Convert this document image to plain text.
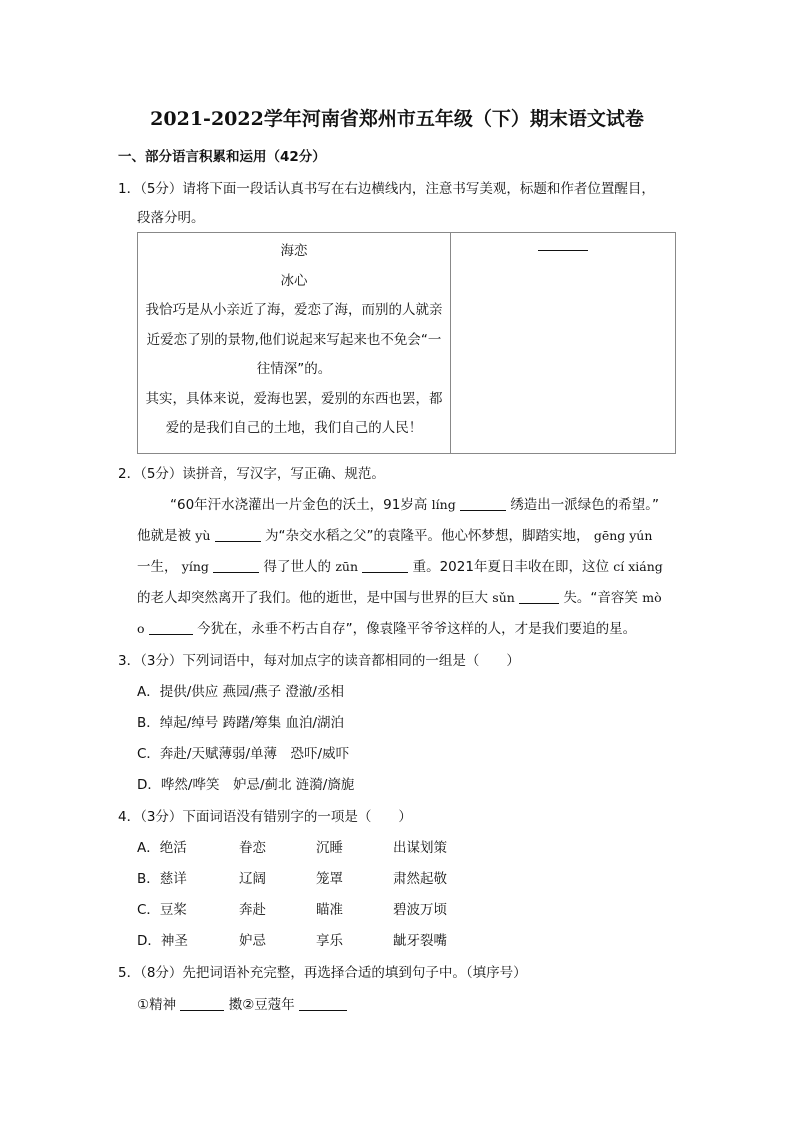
2021-2022学年河南省郑州市五年级（下）期末语文试卷
一、部分语言积累和运用（42分）
1．（5分）请将下面一段话认真书写在右边横线内，注意书写美观，标题和作者位置醒目，
段落分明。
海恋
冰心
我恰巧是从小亲近了海，爱恋了海，而别的人就亲
近爱恋了别的景物,他们说起来写起来也不免会“一
往情深”的。
其实，具体来说，爱海也罢，爱别的东西也罢，都
爱的是我们自己的土地，我们自己的人民！

2．（5分）读拼音，写汉字，写正确、规范。
“60年汗水浇灌出一片金色的沃土，91岁高 líng	绣造出一派绿色的希望。”
他就是被 yù	为“杂交水稻之父”的袁隆平。他心怀梦想，脚踏实地， gēng yún
一生， yíng	得了世人的 zūn	重。2021年夏日丰收在即，这位 cí xiáng
的老人却突然离开了我们。他的逝世，是中国与世界的巨大 sǔn	失。“音容笑 mò
o	今犹在，永垂不朽古自存”，像袁隆平爷爷这样的人，才是我们要追的星。
3．（3分）下列词语中，每对加点字的读音都相同的一组是（　　）
A．提供/供应 燕园/燕子 澄澈/丞相
B．绰起/绰号 踌躇/筹集 血泊/湖泊
C．奔赴/天赋薄弱/单薄　恐吓/威吓
D．哗然/哗笑　妒忌/蓟北 涟漪/旖旎
4．（3分）下面词语没有错别字的一项是（　　）
A．绝活	眷恋	沉睡	出谋划策
B．慈详	辽阔	笼罩	肃然起敬
C．豆桨	奔赴	瞄准	碧波万顷
D．神圣	妒忌	享乐	龇牙裂嘴
5．（8分）先把词语补充完整，再选择合适的填到句子中。（填序号）
①精神	擞②豆蔻年
